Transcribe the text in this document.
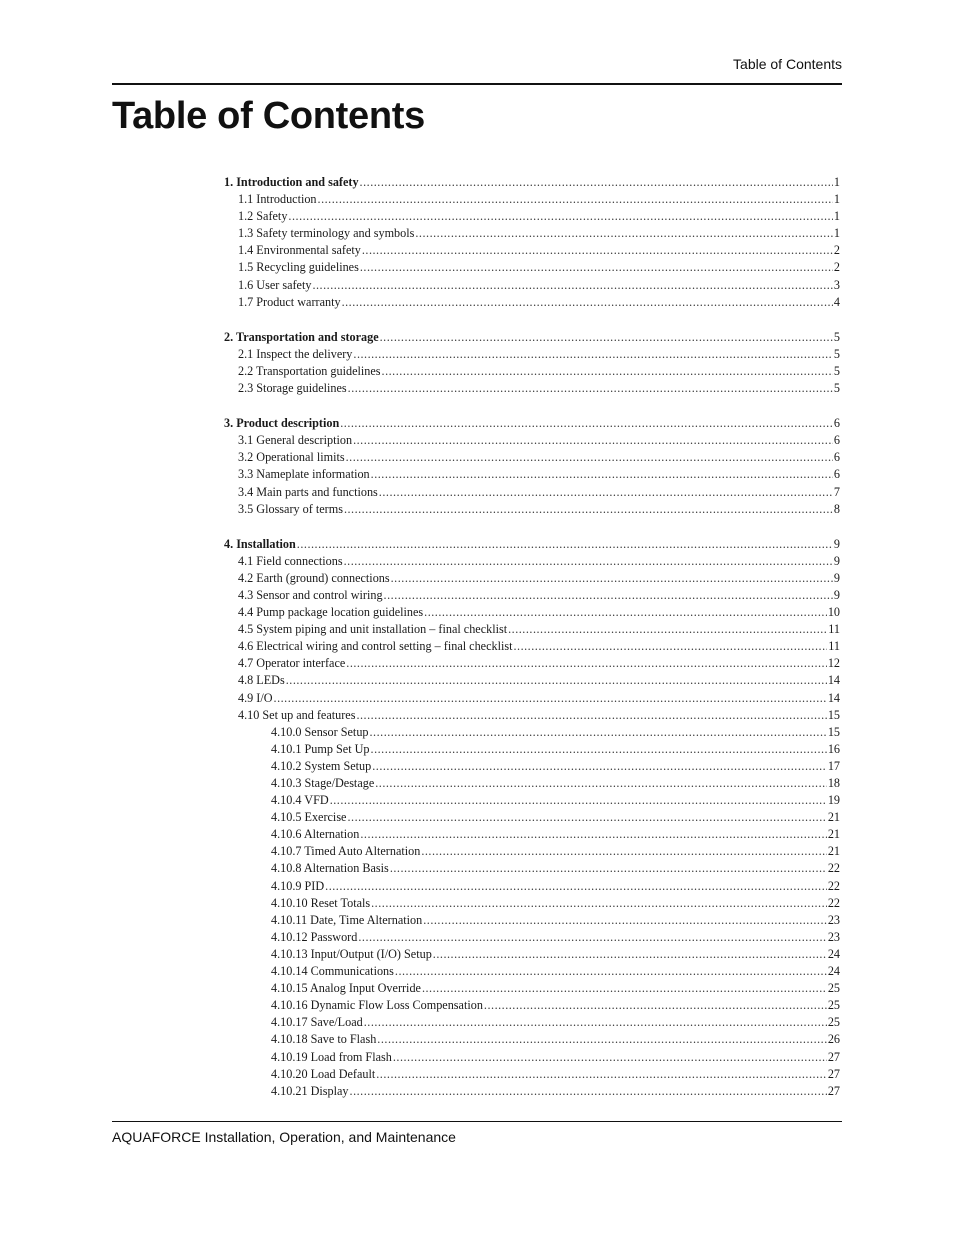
Table of Contents
Table of Contents
1. Introduction and safety .....	1
1.1 Introduction .....	1
1.2 Safety .....	1
1.3 Safety terminology and symbols .....	1
1.4 Environmental safety .....	2
1.5 Recycling guidelines .....	2
1.6 User safety .....	3
1.7 Product warranty .....	4
2. Transportation and storage .....	5
2.1 Inspect the delivery .....	5
2.2 Transportation guidelines .....	5
2.3 Storage guidelines .....	5
3. Product description .....	6
3.1 General description .....	6
3.2 Operational limits .....	6
3.3 Nameplate information .....	6
3.4 Main parts and functions .....	7
3.5 Glossary of terms .....	8
4. Installation .....	9
4.1 Field connections .....	9
4.2 Earth (ground) connections .....	9
4.3 Sensor and control wiring .....	9
4.4 Pump package location guidelines .....	10
4.5 System piping and unit installation – final checklist .....	11
4.6 Electrical wiring and control setting – final checklist .....	11
4.7 Operator interface .....	12
4.8 LEDs .....	14
4.9 I/O .....	14
4.10 Set up and features .....	15
4.10.0 Sensor Setup .....	15
4.10.1 Pump Set Up .....	16
4.10.2 System Setup .....	17
4.10.3 Stage/Destage .....	18
4.10.4 VFD .....	19
4.10.5 Exercise .....	21
4.10.6 Alternation .....	21
4.10.7 Timed Auto Alternation .....	21
4.10.8 Alternation Basis .....	22
4.10.9 PID .....	22
4.10.10 Reset Totals .....	22
4.10.11 Date, Time Alternation .....	23
4.10.12 Password .....	23
4.10.13 Input/Output (I/O) Setup .....	24
4.10.14 Communications .....	24
4.10.15 Analog Input Override .....	25
4.10.16 Dynamic Flow Loss Compensation .....	25
4.10.17 Save/Load .....	25
4.10.18 Save to Flash .....	26
4.10.19 Load from Flash .....	27
4.10.20 Load Default .....	27
4.10.21 Display .....	27
AQUAFORCE Installation, Operation, and Maintenance
